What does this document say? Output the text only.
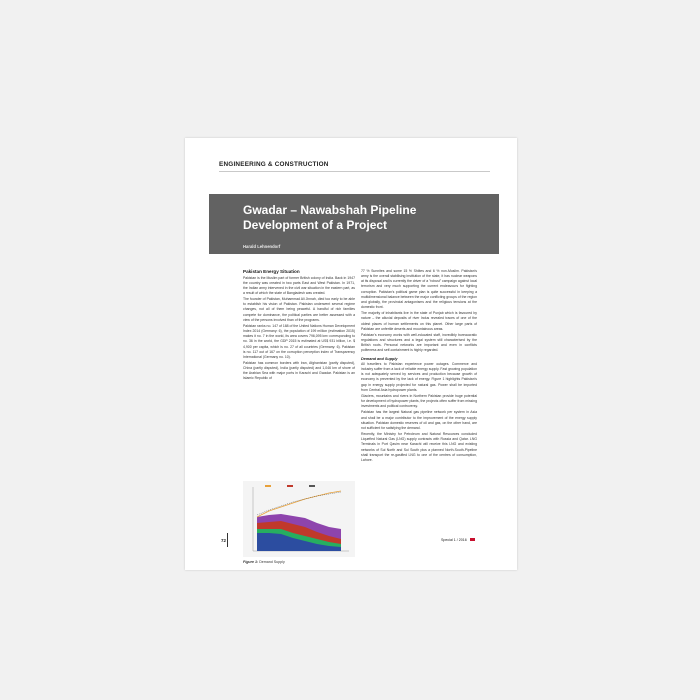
ENGINEERING & CONSTRUCTION
Gwadar – Nawabshah Pipeline
Development of a Project
Harald Lehnendorf
Pakistan Energy Situation

Pakistan is the Muslim part of former British colony of India. Back in 1947 the country was created in two parts East and West Pakistan. In 1971, the Indian army intervened in the civil war situation in the eastern part, as a result of which the state of Bangladesh was created.

The founder of Pakistan, Muhammad Ali Jinnah, died too early to be able to establish his vision of Pakistan. Pakistan underwent several regime changes, not all of them being peaceful. A handful of rich families compete for dominance, the political parties are better assessed with a view of the persons involved than of the programs.

Pakistan ranks no. 147 of 188 of the United Nations Human Development Index 2014 (Germany: 6), the population of 199 million (estimation 2015) makes it no. 7 in the world, its area covers 796,095 km² corresponding to no. 36 in the world, the GDP 2015 is estimated at US$ 931 billion, i.e. $ 4,900 per capita, which is no. 27 of all countries (Germany: 6). Pakistan is no. 117 out of 167 on the corruption perception index of Transparency International (Germany no. 10).

Pakistan has common borders with Iran, Afghanistan (partly disputed), China (partly disputed), India (partly disputed) and 1,046 km of shore of the Arabian Sea with major ports in Karachi and Gwadar. Pakistan is an Islamic Republic of

Figure 1: Demand Supply

77 % Sunnites and some 15 % Shiites and 6 % non-Muslim. Pakistan's army is the overall stabilising institution of the state, it has nuclear weapons at its disposal and is currently the driver of a "robust" campaign against local terrorism and very much supporting the current endeavours for fighting corruption. Pakistan's political game plan is quite successful in keeping a multidimensional balance between the major conflicting groups of the region and globally, the provincial antagonisms and the religious tensions at the domestic front.

The majority of inhabitants live in the state of Punjab which is favoured by nature – the alluvial deposits of river Indus revealed traces of one of the oldest places of human settlements on this planet. Other large parts of Pakistan are unfertile deserts and mountainous areas.

Pakistan's economy works with well-educated staff, incredibly bureaucratic regulations and structures and a legal system still characterised by the British roots. Personal networks are important and even in conflicts politeness and self-containment is highly regarded.

Demand and Supply

All travellers to Pakistan experience power outages. Commerce and industry suffer from a lack of reliable energy supply. Fast growing population is not adequately served by services and production because growth of economy is prevented by the lack of energy. Figure 1 highlights Pakistan's gap in energy supply projected for natural gas. Power shall be imported from Central Asia hydropower plants.

Glaciers, mountains and rivers in Northern Pakistan provide huge potential for development of hydropower plants, the projects often suffer from missing investments and political controversy.

Pakistan has the largest Natural gas pipeline network per system in Asia and shall be a major contributor to the improvement of the energy supply situation. Pakistan domestic reserves of oil and gas, on the other hand, are not sufficient for satisfying the demand.

Recently, the Ministry for Petroleum and Natural Resources concluded Liquefied Natural Gas (LNG) supply contracts with Russia and Qatar. LNG Terminals in Port Qasim near Karachi will receive this LNG and existing networks of Sui North and Sui South plus a planned North-South-Pipeline shall transport the re-gasified LNG to one of the centres of consumption, Lahore.

72	Special 1 / 2016
